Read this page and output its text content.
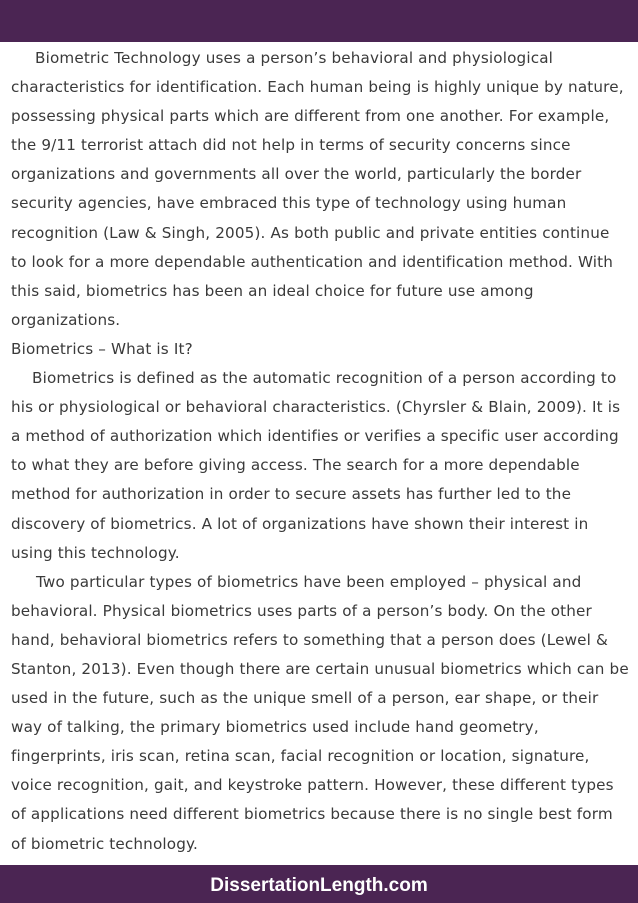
Biometric Technology uses a person’s behavioral and physiological characteristics for identification. Each human being is highly unique by nature, possessing physical parts which are different from one another. For example, the 9/11 terrorist attach did not help in terms of security concerns since organizations and governments all over the world, particularly the border security agencies, have embraced this type of technology using human recognition (Law & Singh, 2005). As both public and private entities continue to look for a more dependable authentication and identification method. With this said, biometrics has been an ideal choice for future use among organizations.

Biometrics – What is It?

Biometrics is defined as the automatic recognition of a person according to his or physiological or behavioral characteristics. (Chyrsler & Blain, 2009). It is a method of authorization which identifies or verifies a specific user according to what they are before giving access. The search for a more dependable method for authorization in order to secure assets has further led to the discovery of biometrics. A lot of organizations have shown their interest in using this technology.

Two particular types of biometrics have been employed – physical and behavioral. Physical biometrics uses parts of a person’s body. On the other hand, behavioral biometrics refers to something that a person does (Lewel & Stanton, 2013). Even though there are certain unusual biometrics which can be used in the future, such as the unique smell of a person, ear shape, or their way of talking, the primary biometrics used include hand geometry, fingerprints, iris scan, retina scan, facial recognition or location, signature, voice recognition, gait, and keystroke pattern. However, these different types of applications need different biometrics because there is no single best form of biometric technology.

DissertationLength.com
